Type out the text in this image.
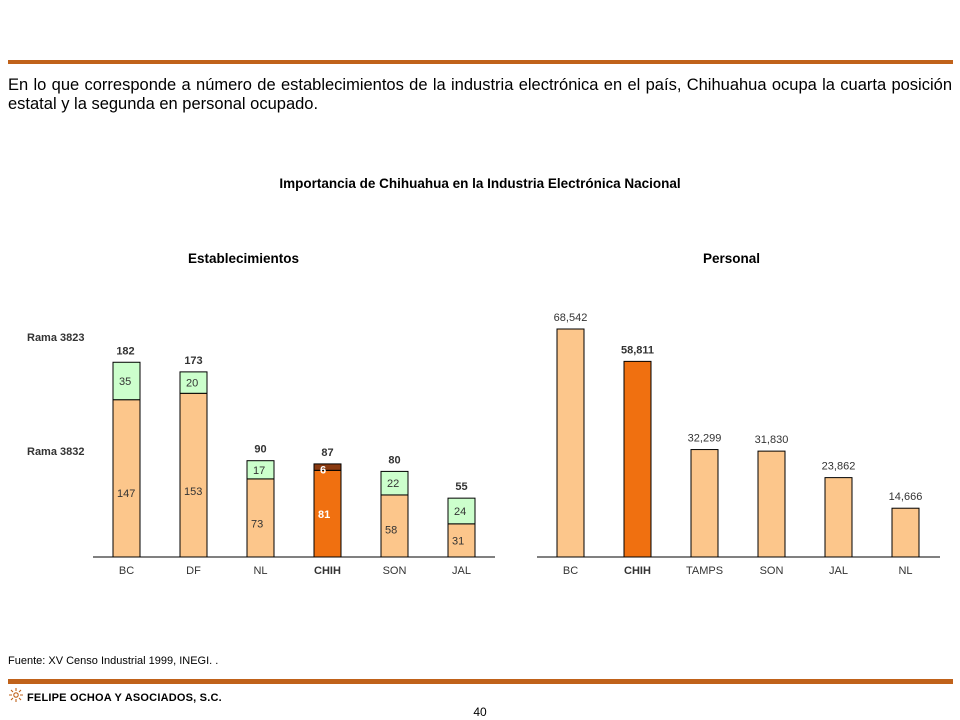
En lo que corresponde a número de establecimientos de la industria electrónica en el país, Chihuahua ocupa la cuarta posición estatal y la segunda en personal ocupado.
Importancia de Chihuahua en la Industria Electrónica Nacional
Establecimientos	Personal
Rama 3823
Rama 3832
147
35
182
BC
153
20
173
DF
73
17
90
NL
81
6
87
CHIH
58
22
80
SON
31
24
55
JAL
68,542
BC
58,811
CHIH
32,299
TAMPS
31,830
SON
23,862
JAL
14,666
NL
Fuente: XV Censo Industrial 1999, INEGI. .
FELIPE OCHOA Y ASOCIADOS, S.C.
40
